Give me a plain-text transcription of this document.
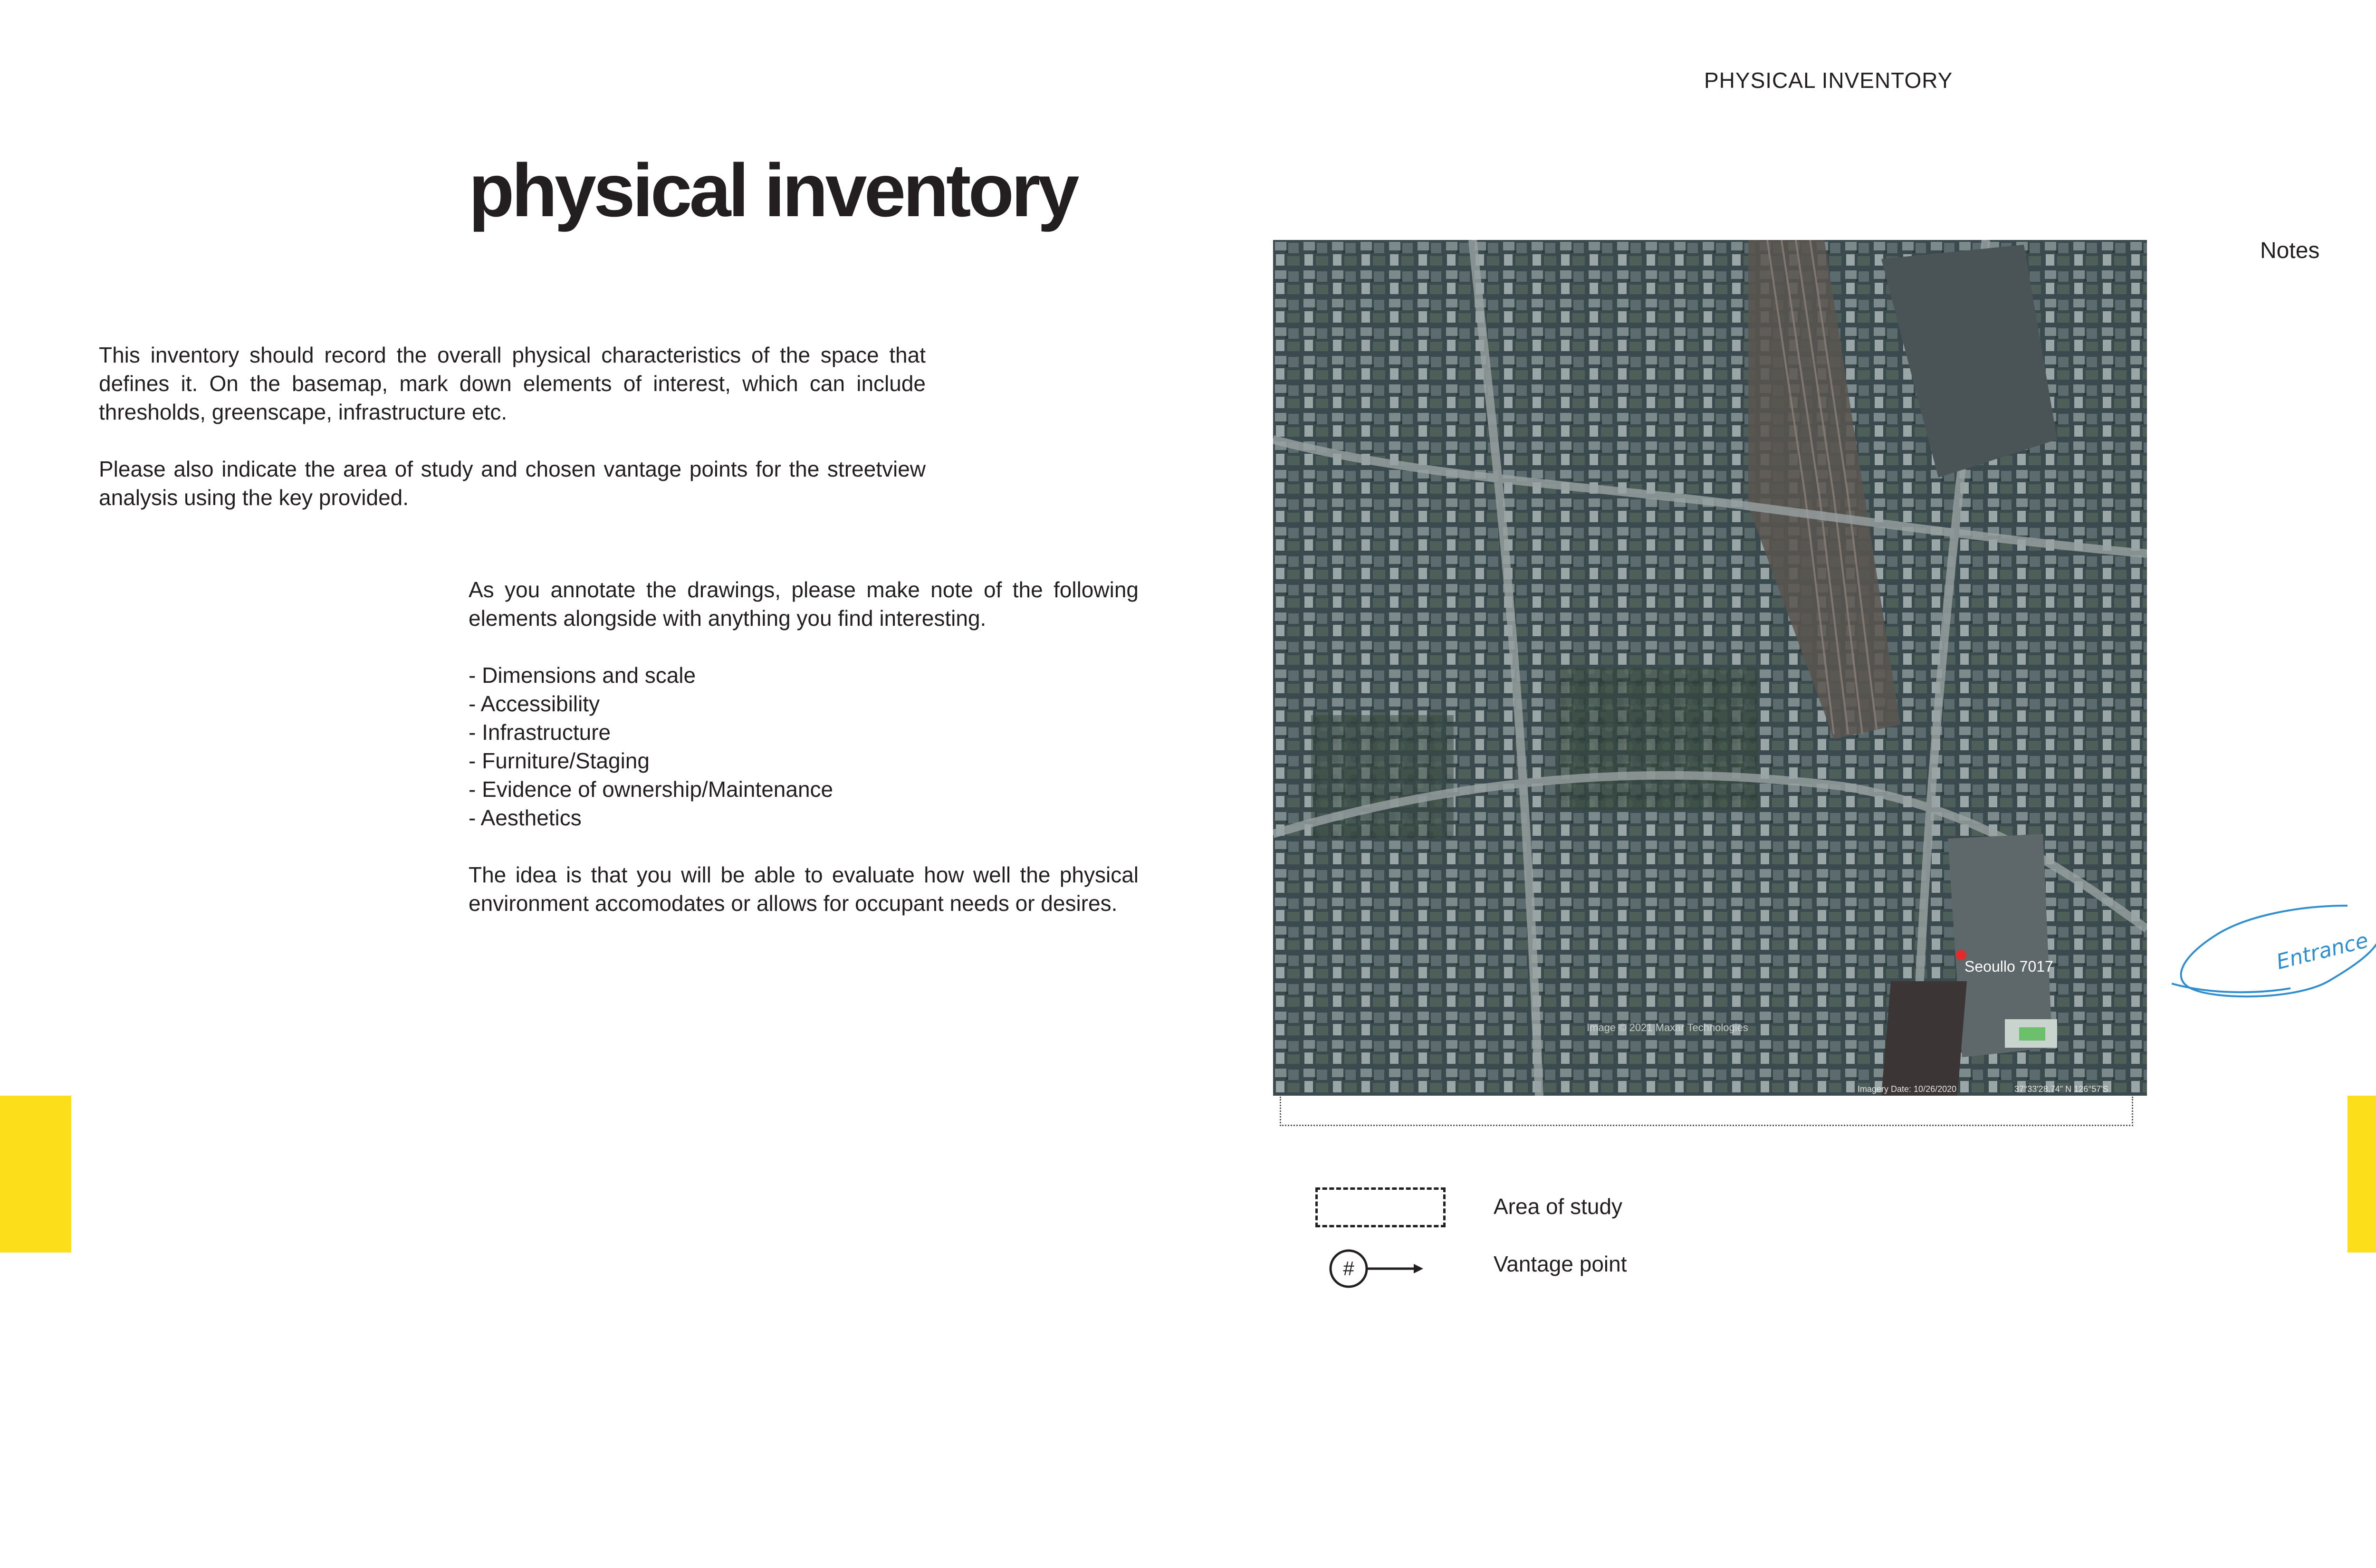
PHYSICAL INVENTORY
physical inventory

This inventory should record the overall physical characteristics of the space that defines it. On the basemap, mark down elements of interest, which can include thresholds, greenscape, infrastructure etc.

Please also indicate the area of study and chosen vantage points for the streetview analysis using the key provided.

As you annotate the drawings, please make note of the following elements alongside with anything you find interesting.

- Dimensions and scale
- Accessibility
- Infrastructure
- Furniture/Staging
- Evidence of ownership/Maintenance
- Aesthetics

The idea is that you will be able to evaluate how well the physical environment accomodates or allows for occupant needs or desires.

Notes
Seoullo 7017
Image © 2021 Maxar Technologies
Imagery Date: 10/26/2020	37°33'28.74" N 126°57'S
Entrance
Area of study
#	Vantage point
